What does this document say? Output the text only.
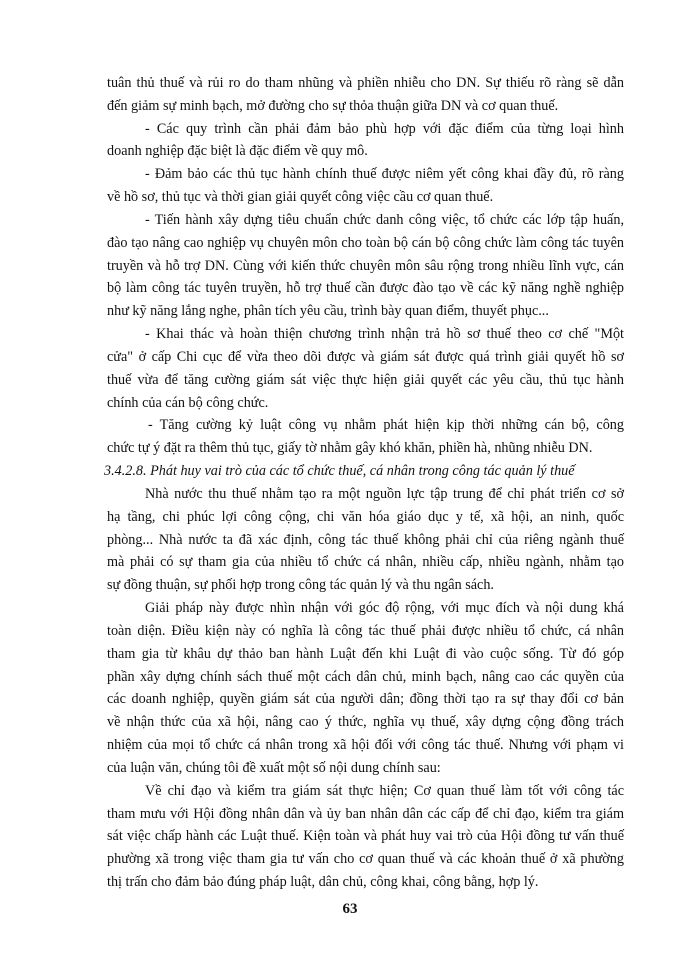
tuân thủ thuế và rủi ro do tham nhũng và phiền nhiễu cho DN. Sự thiếu rõ ràng sẽ dẫn
đến giảm sự minh bạch, mở đường cho sự thỏa thuận giữa DN và cơ quan thuế.
- Các quy trình cần phải đảm bảo phù hợp với đặc điểm của từng loại hình
doanh nghiệp đặc biệt là đặc điểm về quy mô.
- Đảm bảo các thủ tục hành chính thuế được niêm yết công khai đầy đủ, rõ ràng
về hồ sơ, thủ tục và thời gian giải quyết công việc cầu cơ quan thuế.
- Tiến hành xây dựng tiêu chuẩn chức danh công việc, tổ chức các lớp tập huấn,
đào tạo nâng cao nghiệp vụ chuyên môn cho toàn bộ cán bộ công chức làm công tác tuyên
truyền và hỗ trợ DN. Cùng với kiến thức chuyên môn sâu rộng trong nhiều lĩnh vực, cán
bộ làm công tác tuyên truyền, hỗ trợ thuế cần được đào tạo về các kỹ năng nghề nghiệp
như kỹ năng lắng nghe, phân tích yêu cầu, trình bày quan điểm, thuyết phục...
- Khai thác và hoàn thiện chương trình nhận trả hồ sơ thuế theo cơ chế "Một
cửa" ở cấp Chi cục để vừa theo dõi được và giám sát được quá trình giải quyết hồ sơ
thuế vừa để tăng cường giám sát việc thực hiện giải quyết các yêu cầu, thủ tục hành
chính của cán bộ công chức.
- Tăng cường kỷ luật công vụ nhằm phát hiện kịp thời những cán bộ, công
chức tự ý đặt ra thêm thủ tục, giấy tờ nhằm gây khó khăn, phiền hà, nhũng nhiễu DN.
3.4.2.8. Phát huy vai trò của các tổ chức thuế, cá nhân trong công tác quản lý thuế
Nhà nước thu thuế nhằm tạo ra một nguồn lực tập trung để chỉ phát triển cơ sở
hạ tầng, chi phúc lợi công cộng, chi văn hóa giáo dục y tế, xã hội, an ninh, quốc
phòng... Nhà nước ta đã xác định, công tác thuế không phải chỉ của riêng ngành thuế
mà phải có sự tham gia của nhiều tổ chức cá nhân, nhiều cấp, nhiều ngành, nhằm tạo
sự đồng thuận, sự phối hợp trong công tác quản lý và thu ngân sách.
Giải pháp này được nhìn nhận với góc độ rộng, với mục đích và nội dung khá
toàn diện. Điều kiện này có nghĩa là công tác thuế phải được nhiều tổ chức, cá nhân
tham gia từ khâu dự thảo ban hành Luật đến khi Luật đi vào cuộc sống. Từ đó góp
phần xây dựng chính sách thuế một cách dân chủ, minh bạch, nâng cao các quyền của
các doanh nghiệp, quyền giám sát của người dân; đồng thời tạo ra sự thay đổi cơ bản
về nhận thức của xã hội, nâng cao ý thức, nghĩa vụ thuế, xây dựng cộng đồng trách
nhiệm của mọi tổ chức cá nhân trong xã hội đối với công tác thuế. Nhưng với phạm vi
của luận văn, chúng tôi đề xuất một số nội dung chính sau:
Về chỉ đạo và kiểm tra giám sát thực hiện; Cơ quan thuế làm tốt với công tác
tham mưu với Hội đồng nhân dân và ủy ban nhân dân các cấp để chỉ đạo, kiểm tra giám
sát việc chấp hành các Luật thuế. Kiện toàn và phát huy vai trò của Hội đồng tư vấn thuế
phường xã trong việc tham gia tư vấn cho cơ quan thuế và các khoản thuế ở xã phường
thị trấn cho đảm bảo đúng pháp luật, dân chủ, công khai, công bằng, hợp lý.
63
